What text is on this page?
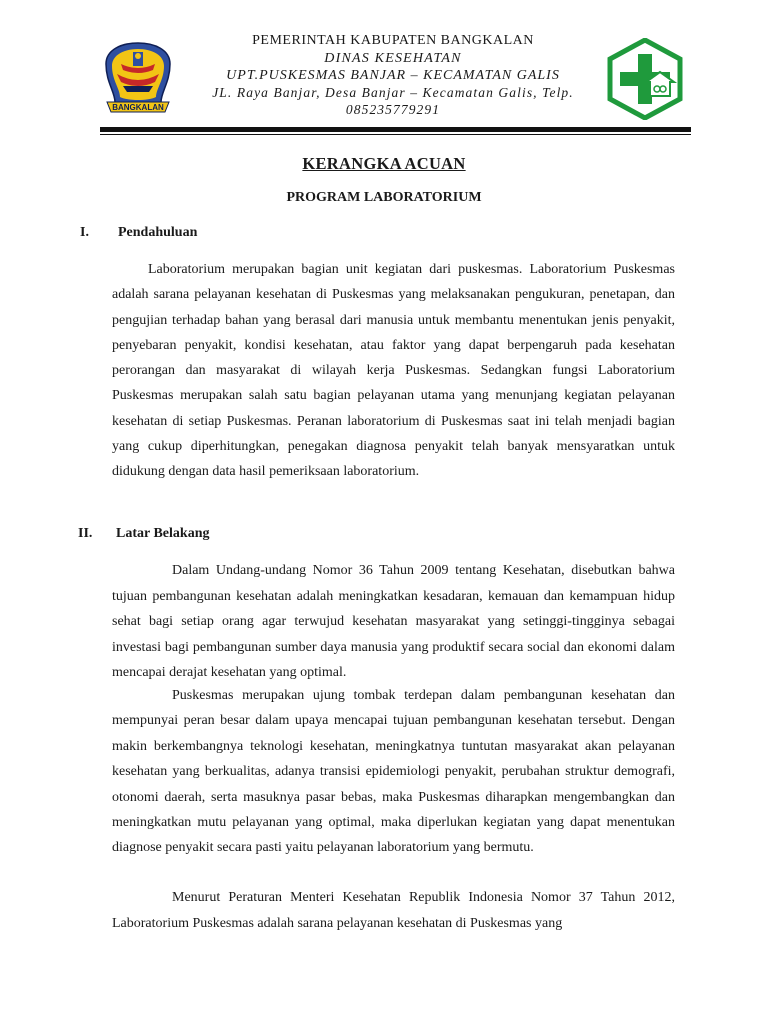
BANGKALAN
PEMERINTAH KABUPATEN BANGKALAN
DINAS KESEHATAN
UPT.PUSKESMAS BANJAR – KECAMATAN GALIS
JL. Raya Banjar, Desa Banjar – Kecamatan Galis, Telp. 085235779291
KERANGKA ACUAN
PROGRAM LABORATORIUM
I. Pendahuluan

Laboratorium merupakan bagian unit kegiatan dari puskesmas. Laboratorium Puskesmas adalah sarana pelayanan kesehatan di Puskesmas yang melaksanakan pengukuran, penetapan, dan pengujian terhadap bahan yang berasal dari manusia untuk membantu menentukan jenis penyakit, penyebaran penyakit, kondisi kesehatan, atau faktor yang dapat berpengaruh pada kesehatan perorangan dan masyarakat di wilayah kerja Puskesmas. Sedangkan fungsi Laboratorium Puskesmas merupakan salah satu bagian pelayanan utama yang menunjang kegiatan pelayanan kesehatan di setiap Puskesmas. Peranan laboratorium di Puskesmas saat ini telah menjadi bagian yang cukup diperhitungkan, penegakan diagnosa penyakit telah banyak mensyaratkan untuk didukung dengan data hasil pemeriksaan laboratorium.

II. Latar Belakang

Dalam Undang-undang Nomor 36 Tahun 2009 tentang Kesehatan, disebutkan bahwa tujuan pembangunan kesehatan adalah meningkatkan kesadaran, kemauan dan kemampuan hidup sehat bagi setiap orang agar terwujud kesehatan masyarakat yang setinggi-tingginya sebagai investasi bagi pembangunan sumber daya manusia yang produktif secara social dan ekonomi dalam mencapai derajat kesehatan yang optimal.

Puskesmas merupakan ujung tombak terdepan dalam pembangunan kesehatan dan mempunyai peran besar dalam upaya mencapai tujuan pembangunan kesehatan tersebut. Dengan makin berkembangnya teknologi kesehatan, meningkatnya tuntutan masyarakat akan pelayanan kesehatan yang berkualitas, adanya transisi epidemiologi penyakit, perubahan struktur demografi, otonomi daerah, serta masuknya pasar bebas, maka Puskesmas diharapkan mengembangkan dan meningkatkan mutu pelayanan yang optimal, maka diperlukan kegiatan yang dapat menentukan diagnose penyakit secara pasti yaitu pelayanan laboratorium yang bermutu.

Menurut Peraturan Menteri Kesehatan Republik Indonesia Nomor 37 Tahun 2012, Laboratorium Puskesmas adalah sarana pelayanan kesehatan di Puskesmas yang
